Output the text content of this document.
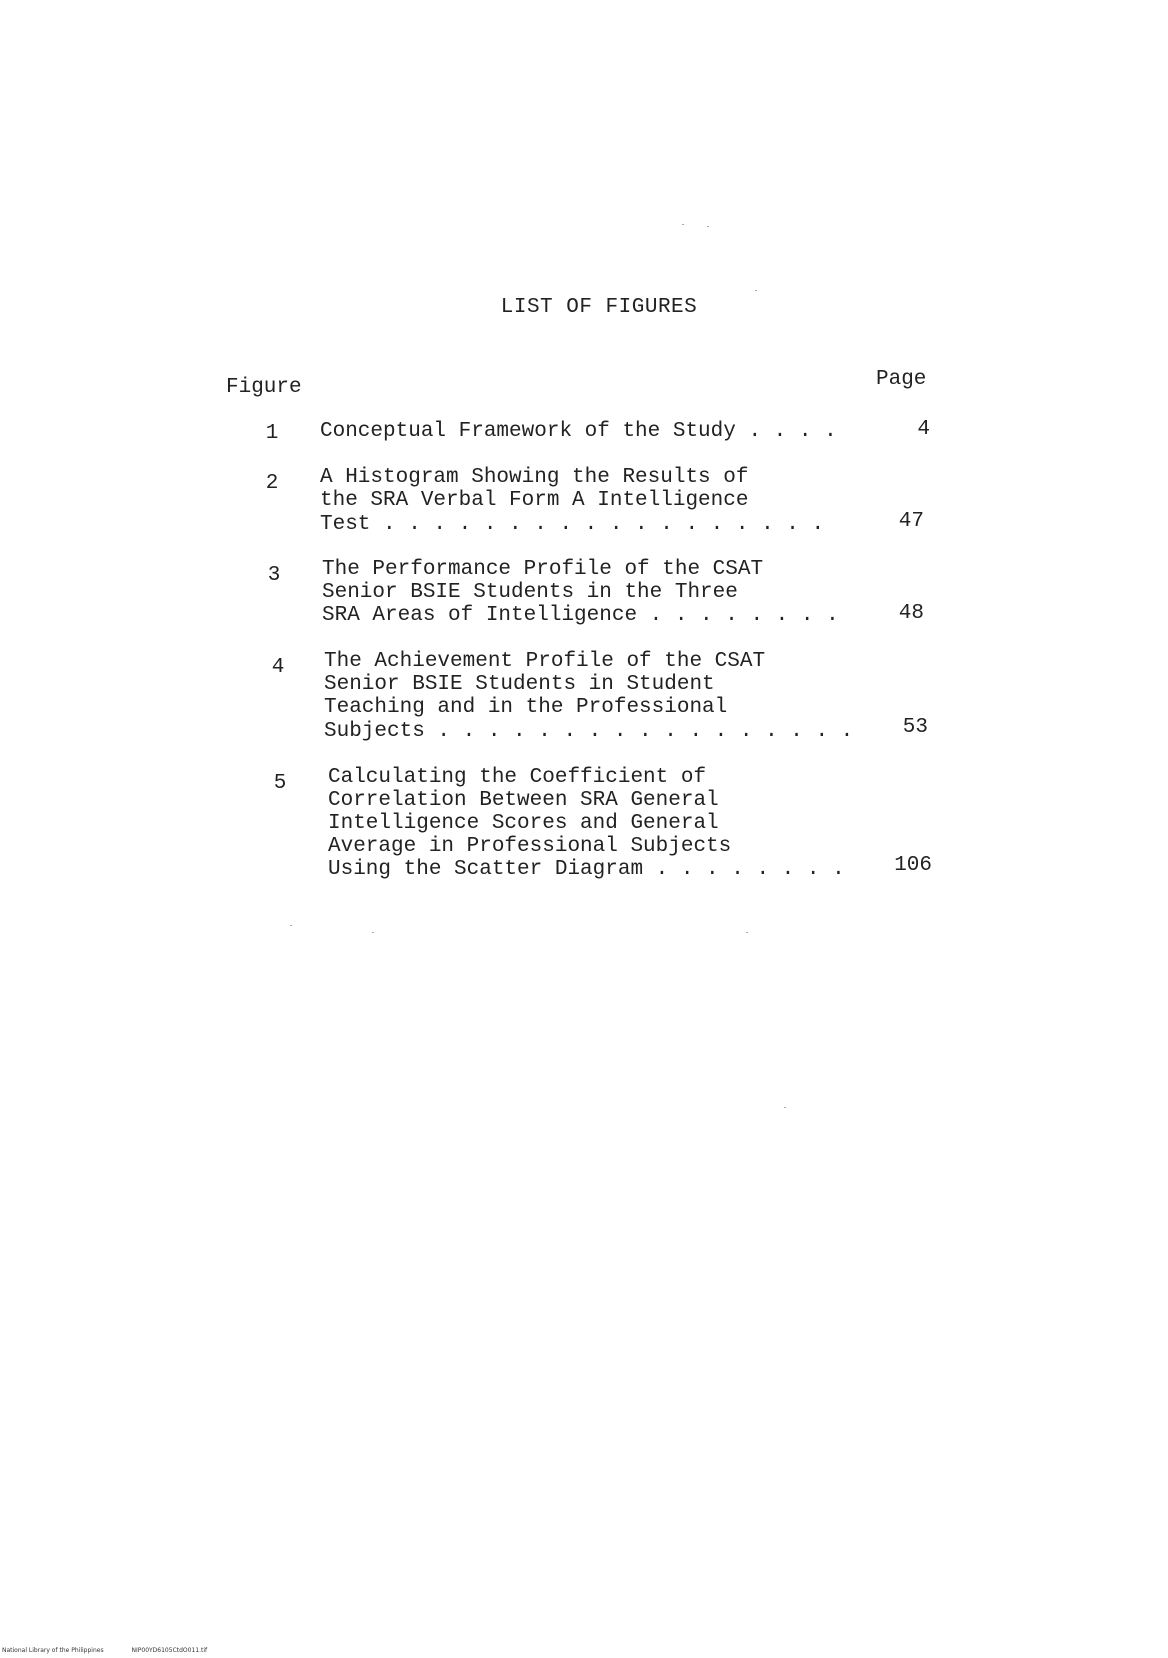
LIST OF FIGURES
Figure	Page
1 Conceptual Framework of the Study . . . .	4
2 A Histogram Showing the Results of
the SRA Verbal Form A Intelligence
Test . . . . . . . . . . . . . . . . . .	47
3 The Performance Profile of the CSAT
Senior BSIE Students in the Three
SRA Areas of Intelligence . . . . . . . .	48
4 The Achievement Profile of the CSAT
Senior BSIE Students in Student
Teaching and in the Professional
Subjects . . . . . . . . . . . . . . . . .	53
5 Calculating the Coefficient of
Correlation Between SRA General
Intelligence Scores and General
Average in Professional Subjects
Using the Scatter Diagram . . . . . . . .	106
National Library of the Philippines	NIP00YD6105CtdO011.tif
